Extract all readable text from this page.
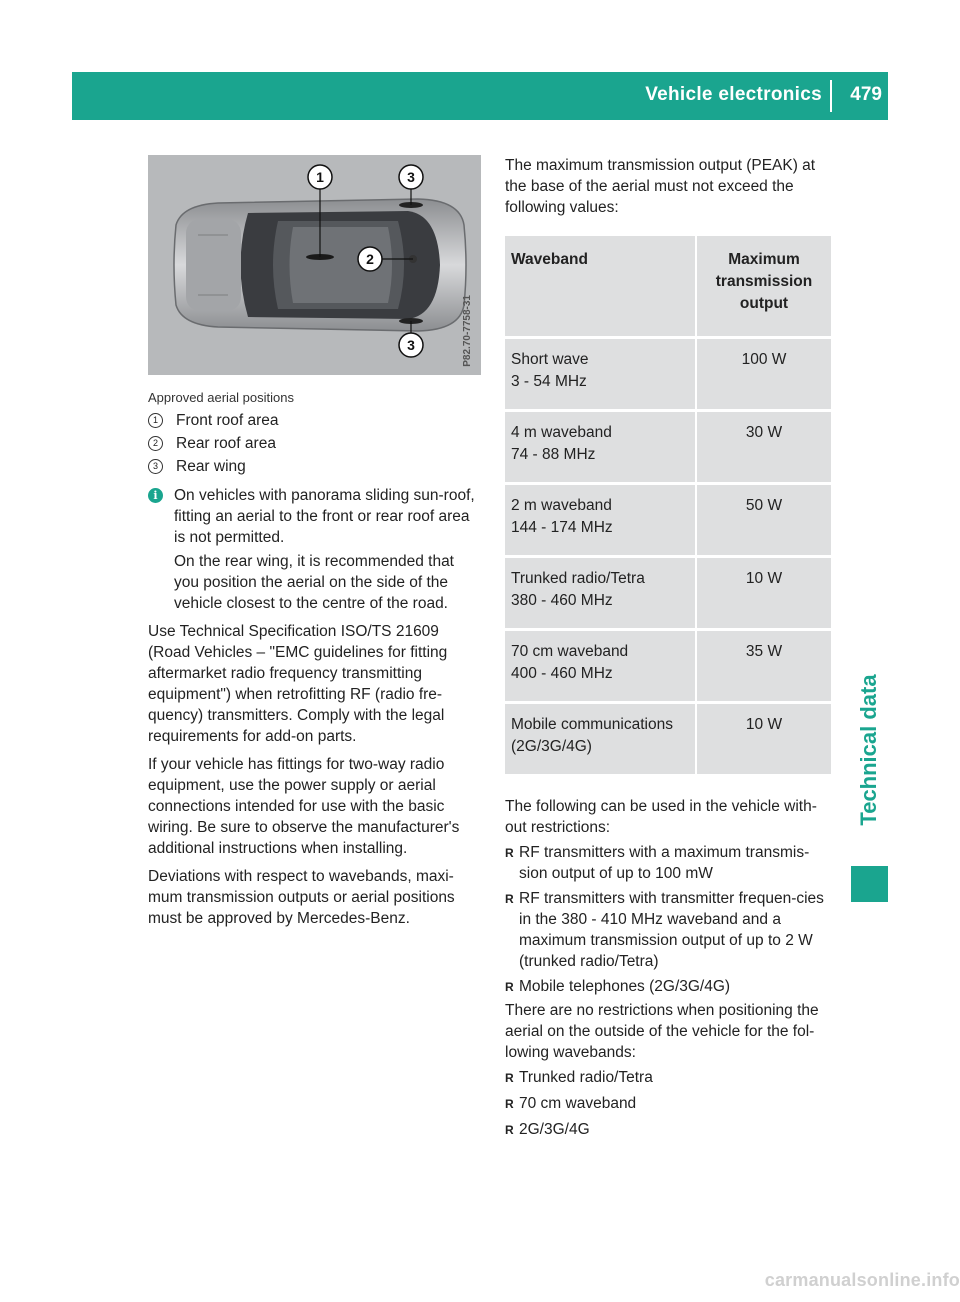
Vehicle electronics 479
Technical data
1
2
3
3	P82.70-7758-31
Approved aerial positions
1	Front roof area
2	Rear roof area
3	Rear wing
i	On vehicles with panorama sliding sun-roof, fitting an aerial to the front or rear roof area is not permitted.

On the rear wing, it is recommended that you position the aerial on the side of the vehicle closest to the centre of the road.

Use Technical Specification ISO/TS 21609 (Road Vehicles – "EMC guidelines for fitting aftermarket radio frequency transmitting equipment") when retrofitting RF (radio fre-quency) transmitters. Comply with the legal requirements for add-on parts.

If your vehicle has fittings for two-way radio equipment, use the power supply or aerial connections intended for use with the basic wiring. Be sure to observe the manufacturer's additional instructions when installing.

Deviations with respect to wavebands, maxi-mum transmission outputs or aerial positions must be approved by Mercedes-Benz.

The maximum transmission output (PEAK) at the base of the aerial must not exceed the following values:

Waveband	Maximum transmission output

Short wave
3 - 54 MHz	100 W

4 m waveband
74 - 88 MHz	30 W

2 m waveband
144 - 174 MHz	50 W

Trunked radio/Tetra
380 - 460 MHz	10 W

70 cm waveband
400 - 460 MHz	35 W

Mobile communications
(2G/3G/4G)	10 W

The following can be used in the vehicle with-out restrictions:

R RF transmitters with a maximum transmis-sion output of up to 100 mW
R RF transmitters with transmitter frequen-cies in the 380 - 410 MHz waveband and a maximum transmission output of up to 2 W (trunked radio/Tetra)
R Mobile telephones (2G/3G/4G)

There are no restrictions when positioning the aerial on the outside of the vehicle for the fol-lowing wavebands:

R Trunked radio/Tetra
R 70 cm waveband
R 2G/3G/4G
carmanualsonline.info
